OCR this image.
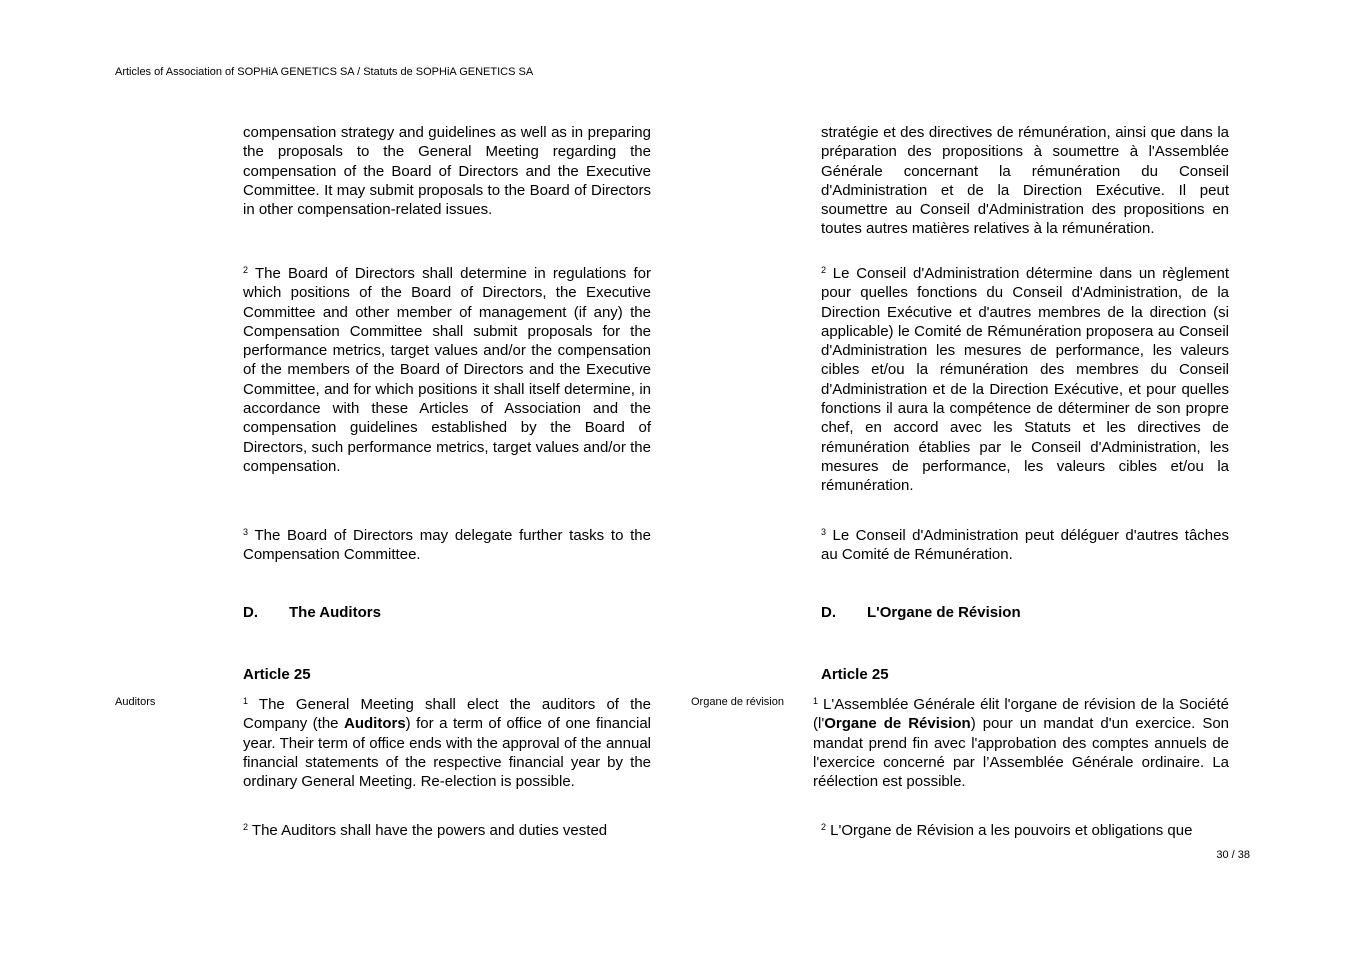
Articles of Association of SOPHiA GENETICS SA / Statuts de SOPHiA GENETICS SA

compensation strategy and guidelines as well as in preparing the proposals to the General Meeting regarding the compensation of the Board of Directors and the Executive Committee. It may submit proposals to the Board of Directors in other compensation-related issues.

$^2$ The Board of Directors shall determine in regulations for which positions of the Board of Directors, the Executive Committee and other member of management (if any) the Compensation Committee shall submit proposals for the performance metrics, target values and/or the compensation of the members of the Board of Directors and the Executive Committee, and for which positions it shall itself determine, in accordance with these Articles of Association and the compensation guidelines established by the Board of Directors, such performance metrics, target values and/or the compensation.

$^3$ The Board of Directors may delegate further tasks to the Compensation Committee.

D. The Auditors
Article 25
Auditors	$^1$ The General Meeting shall elect the auditors of the Company (the Auditors) for a term of office of one financial year. Their term of office ends with the approval of the annual financial statements of the respective financial year by the ordinary General Meeting. Re-election is possible.

$^2$ The Auditors shall have the powers and duties vested

stratégie et des directives de rémunération, ainsi que dans la préparation des propositions à soumettre à l'Assemblée Générale concernant la rémunération du Conseil d'Administration et de la Direction Exécutive. Il peut soumettre au Conseil d'Administration des propositions en toutes autres matières relatives à la rémunération.

$^2$ Le Conseil d'Administration détermine dans un règlement pour quelles fonctions du Conseil d'Administration, de la Direction Exécutive et d'autres membres de la direction (si applicable) le Comité de Rémunération proposera au Conseil d'Administration les mesures de performance, les valeurs cibles et/ou la rémunération des membres du Conseil d'Administration et de la Direction Exécutive, et pour quelles fonctions il aura la compétence de déterminer de son propre chef, en accord avec les Statuts et les directives de rémunération établies par le Conseil d'Administration, les mesures de performance, les valeurs cibles et/ou la rémunération.

$^3$ Le Conseil d'Administration peut déléguer d'autres tâches au Comité de Rémunération.

D. L'Organe de Révision
Article 25
Organe de révision	$^1$ L'Assemblée Générale élit l'organe de révision de la Société (l'Organe de Révision) pour un mandat d'un exercice. Son mandat prend fin avec l'approbation des comptes annuels de l'exercice concerné par l’Assemblée Générale ordinaire. La réélection est possible.

$^2$ L'Organe de Révision a les pouvoirs et obligations que

30 / 38
